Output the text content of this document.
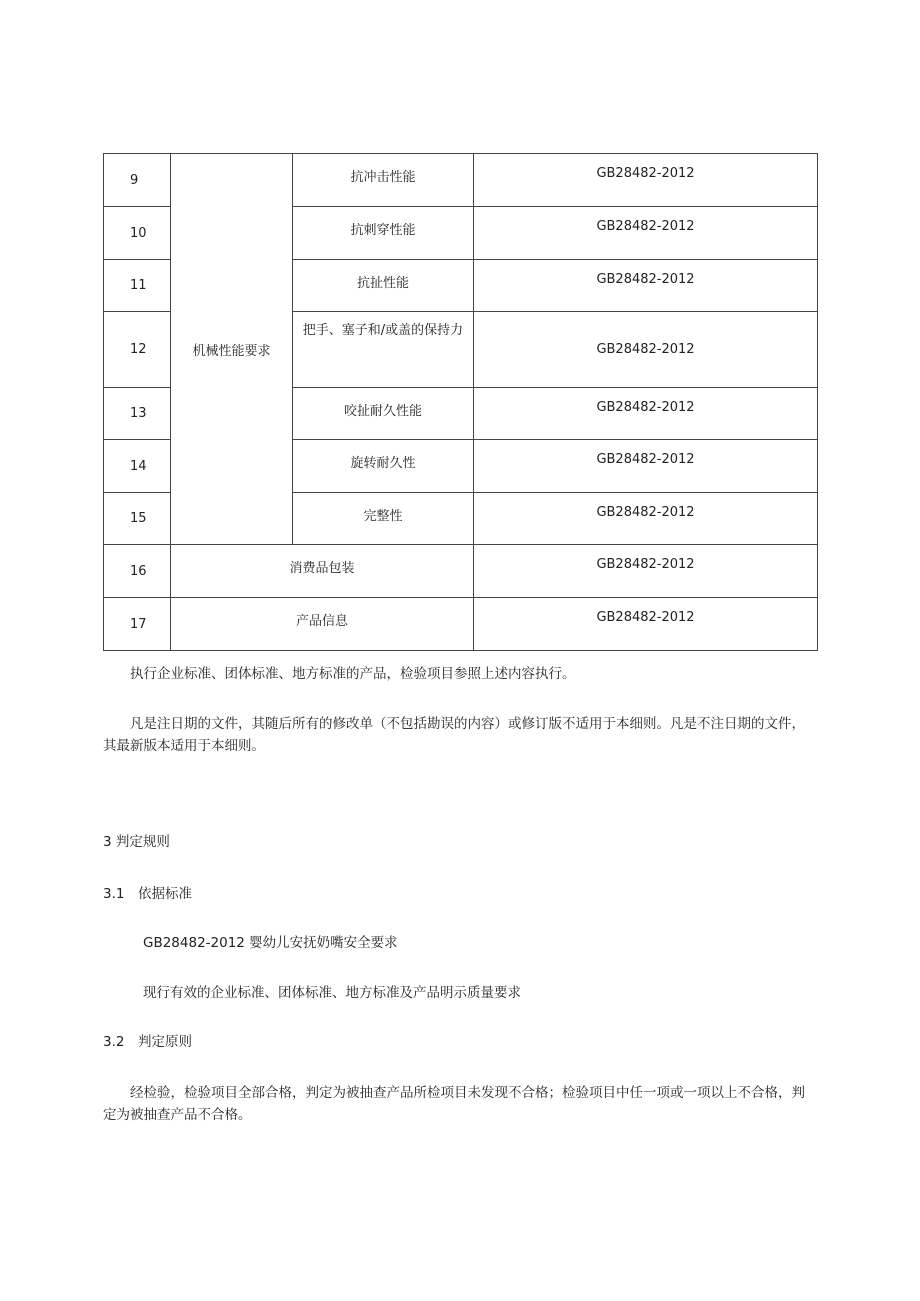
9	机械性能要求	抗冲击性能	GB28482-2012
10		抗刺穿性能	GB28482-2012
11		抗扯性能	GB28482-2012
12		把手、塞子和/或盖的保持力	GB28482-2012
13		咬扯耐久性能	GB28482-2012
14		旋转耐久性	GB28482-2012
15		完整性	GB28482-2012
16	消费品包装		GB28482-2012
17	产品信息		GB28482-2012
执行企业标准、团体标准、地方标准的产品，检验项目参照上述内容执行。
凡是注日期的文件，其随后所有的修改单（不包括勘误的内容）或修订版不适用于本细则。凡是不注日期的文件，其最新版本适用于本细则。
3 判定规则
3.1 依据标准
GB28482-2012 婴幼儿安抚奶嘴安全要求
现行有效的企业标准、团体标准、地方标准及产品明示质量要求
3.2 判定原则
经检验，检验项目全部合格，判定为被抽查产品所检项目未发现不合格；检验项目中任一项或一项以上不合格，判定为被抽查产品不合格。
